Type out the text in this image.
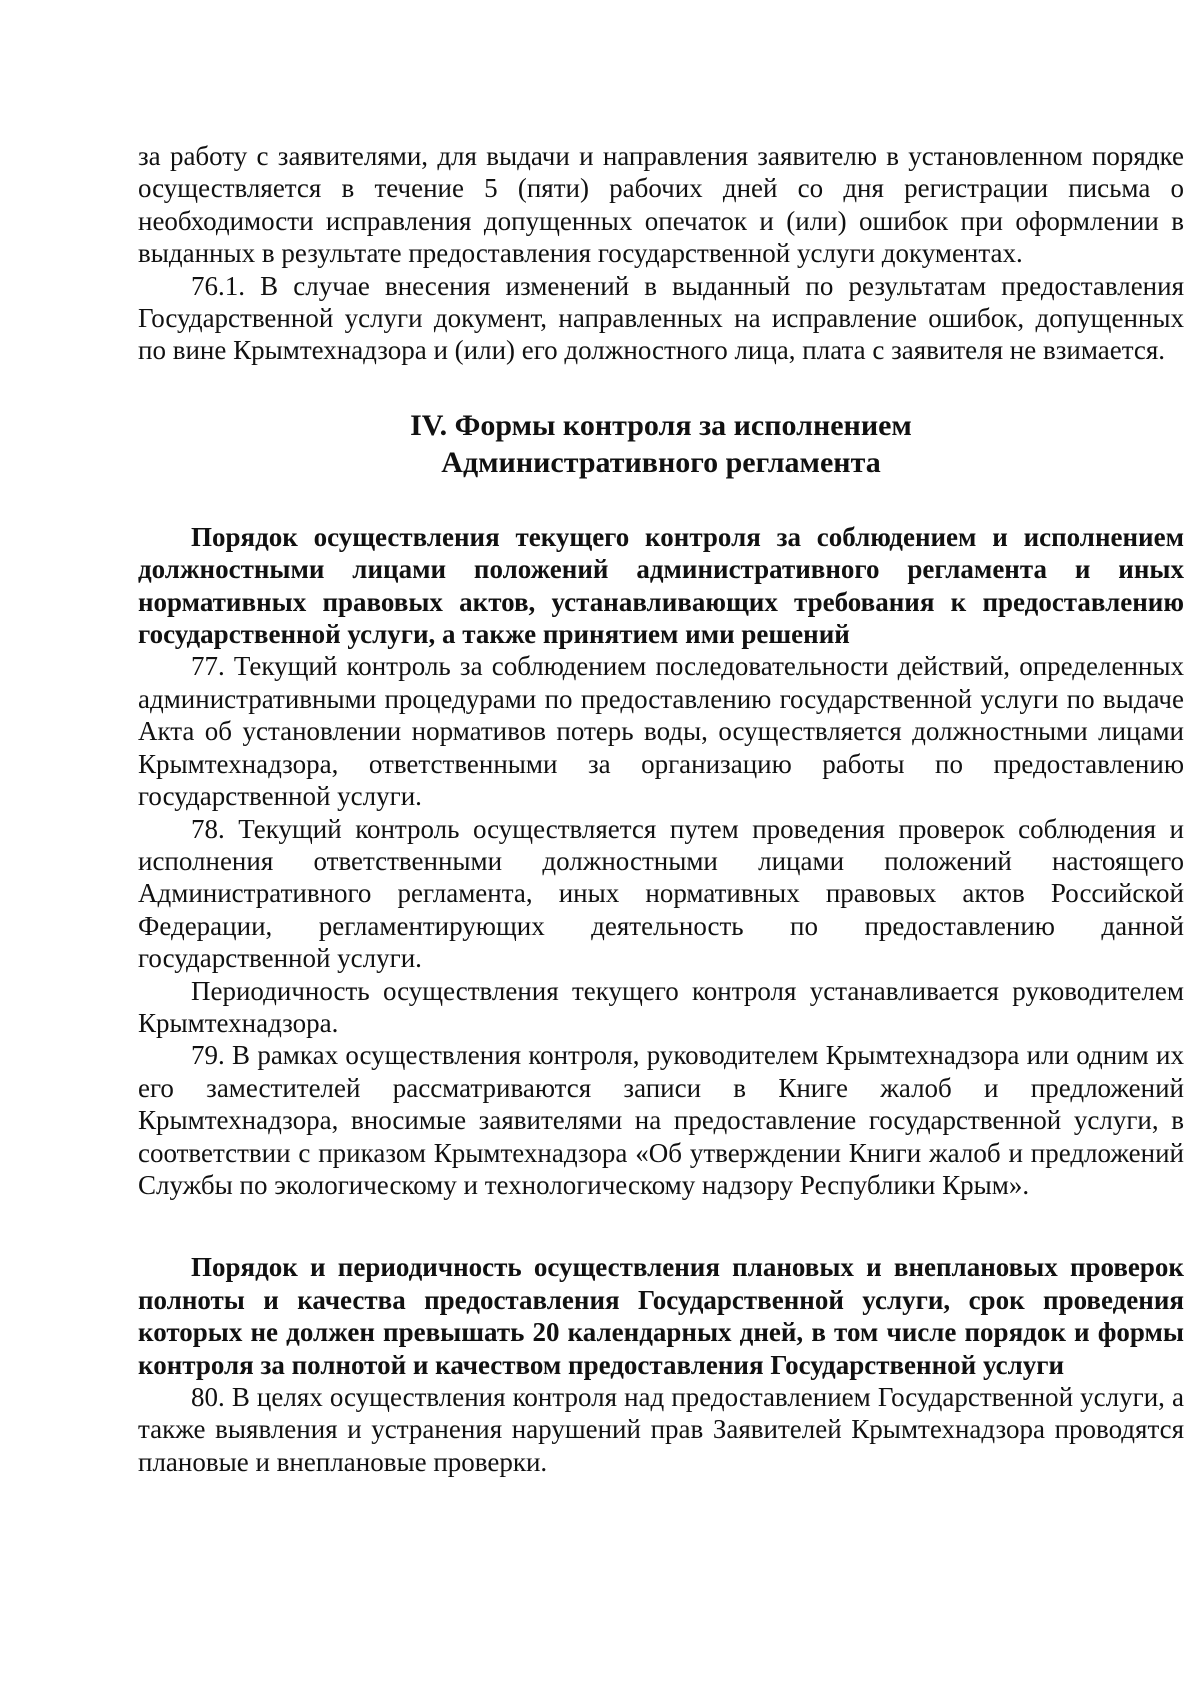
за работу с заявителями, для выдачи и направления заявителю в установленном порядке осуществляется в течение 5 (пяти) рабочих дней со дня регистрации письма о необходимости исправления допущенных опечаток и (или) ошибок при оформлении в выданных в результате предоставления государственной услуги документах.

76.1. В случае внесения изменений в выданный по результатам предоставления Государственной услуги документ, направленных на исправление ошибок, допущенных по вине Крымтехнадзора и (или) его должностного лица, плата с заявителя не взимается.

IV. Формы контроля за исполнением
Административного регламента

Порядок осуществления текущего контроля за соблюдением и исполнением должностными лицами положений административного регламента и иных нормативных правовых актов, устанавливающих требования к предоставлению государственной услуги, а также принятием ими решений

77. Текущий контроль за соблюдением последовательности действий, определенных административными процедурами по предоставлению государственной услуги по выдаче Акта об установлении нормативов потерь воды, осуществляется должностными лицами Крымтехнадзора, ответственными за организацию работы по предоставлению государственной услуги.

78. Текущий контроль осуществляется путем проведения проверок соблюдения и исполнения ответственными должностными лицами положений настоящего Административного регламента, иных нормативных правовых актов Российской Федерации, регламентирующих деятельность по предоставлению данной государственной услуги.

Периодичность осуществления текущего контроля устанавливается руководителем Крымтехнадзора.

79. В рамках осуществления контроля, руководителем Крымтехнадзора или одним их его заместителей рассматриваются записи в Книге жалоб и предложений Крымтехнадзора, вносимые заявителями на предоставление государственной услуги, в соответствии с приказом Крымтехнадзора «Об утверждении Книги жалоб и предложений Службы по экологическому и технологическому надзору Республики Крым».

Порядок и периодичность осуществления плановых и внеплановых проверок полноты и качества предоставления Государственной услуги, срок проведения которых не должен превышать 20 календарных дней, в том числе порядок и формы контроля за полнотой и качеством предоставления Государственной услуги

80. В целях осуществления контроля над предоставлением Государственной услуги, а также выявления и устранения нарушений прав Заявителей Крымтехнадзора проводятся плановые и внеплановые проверки.
